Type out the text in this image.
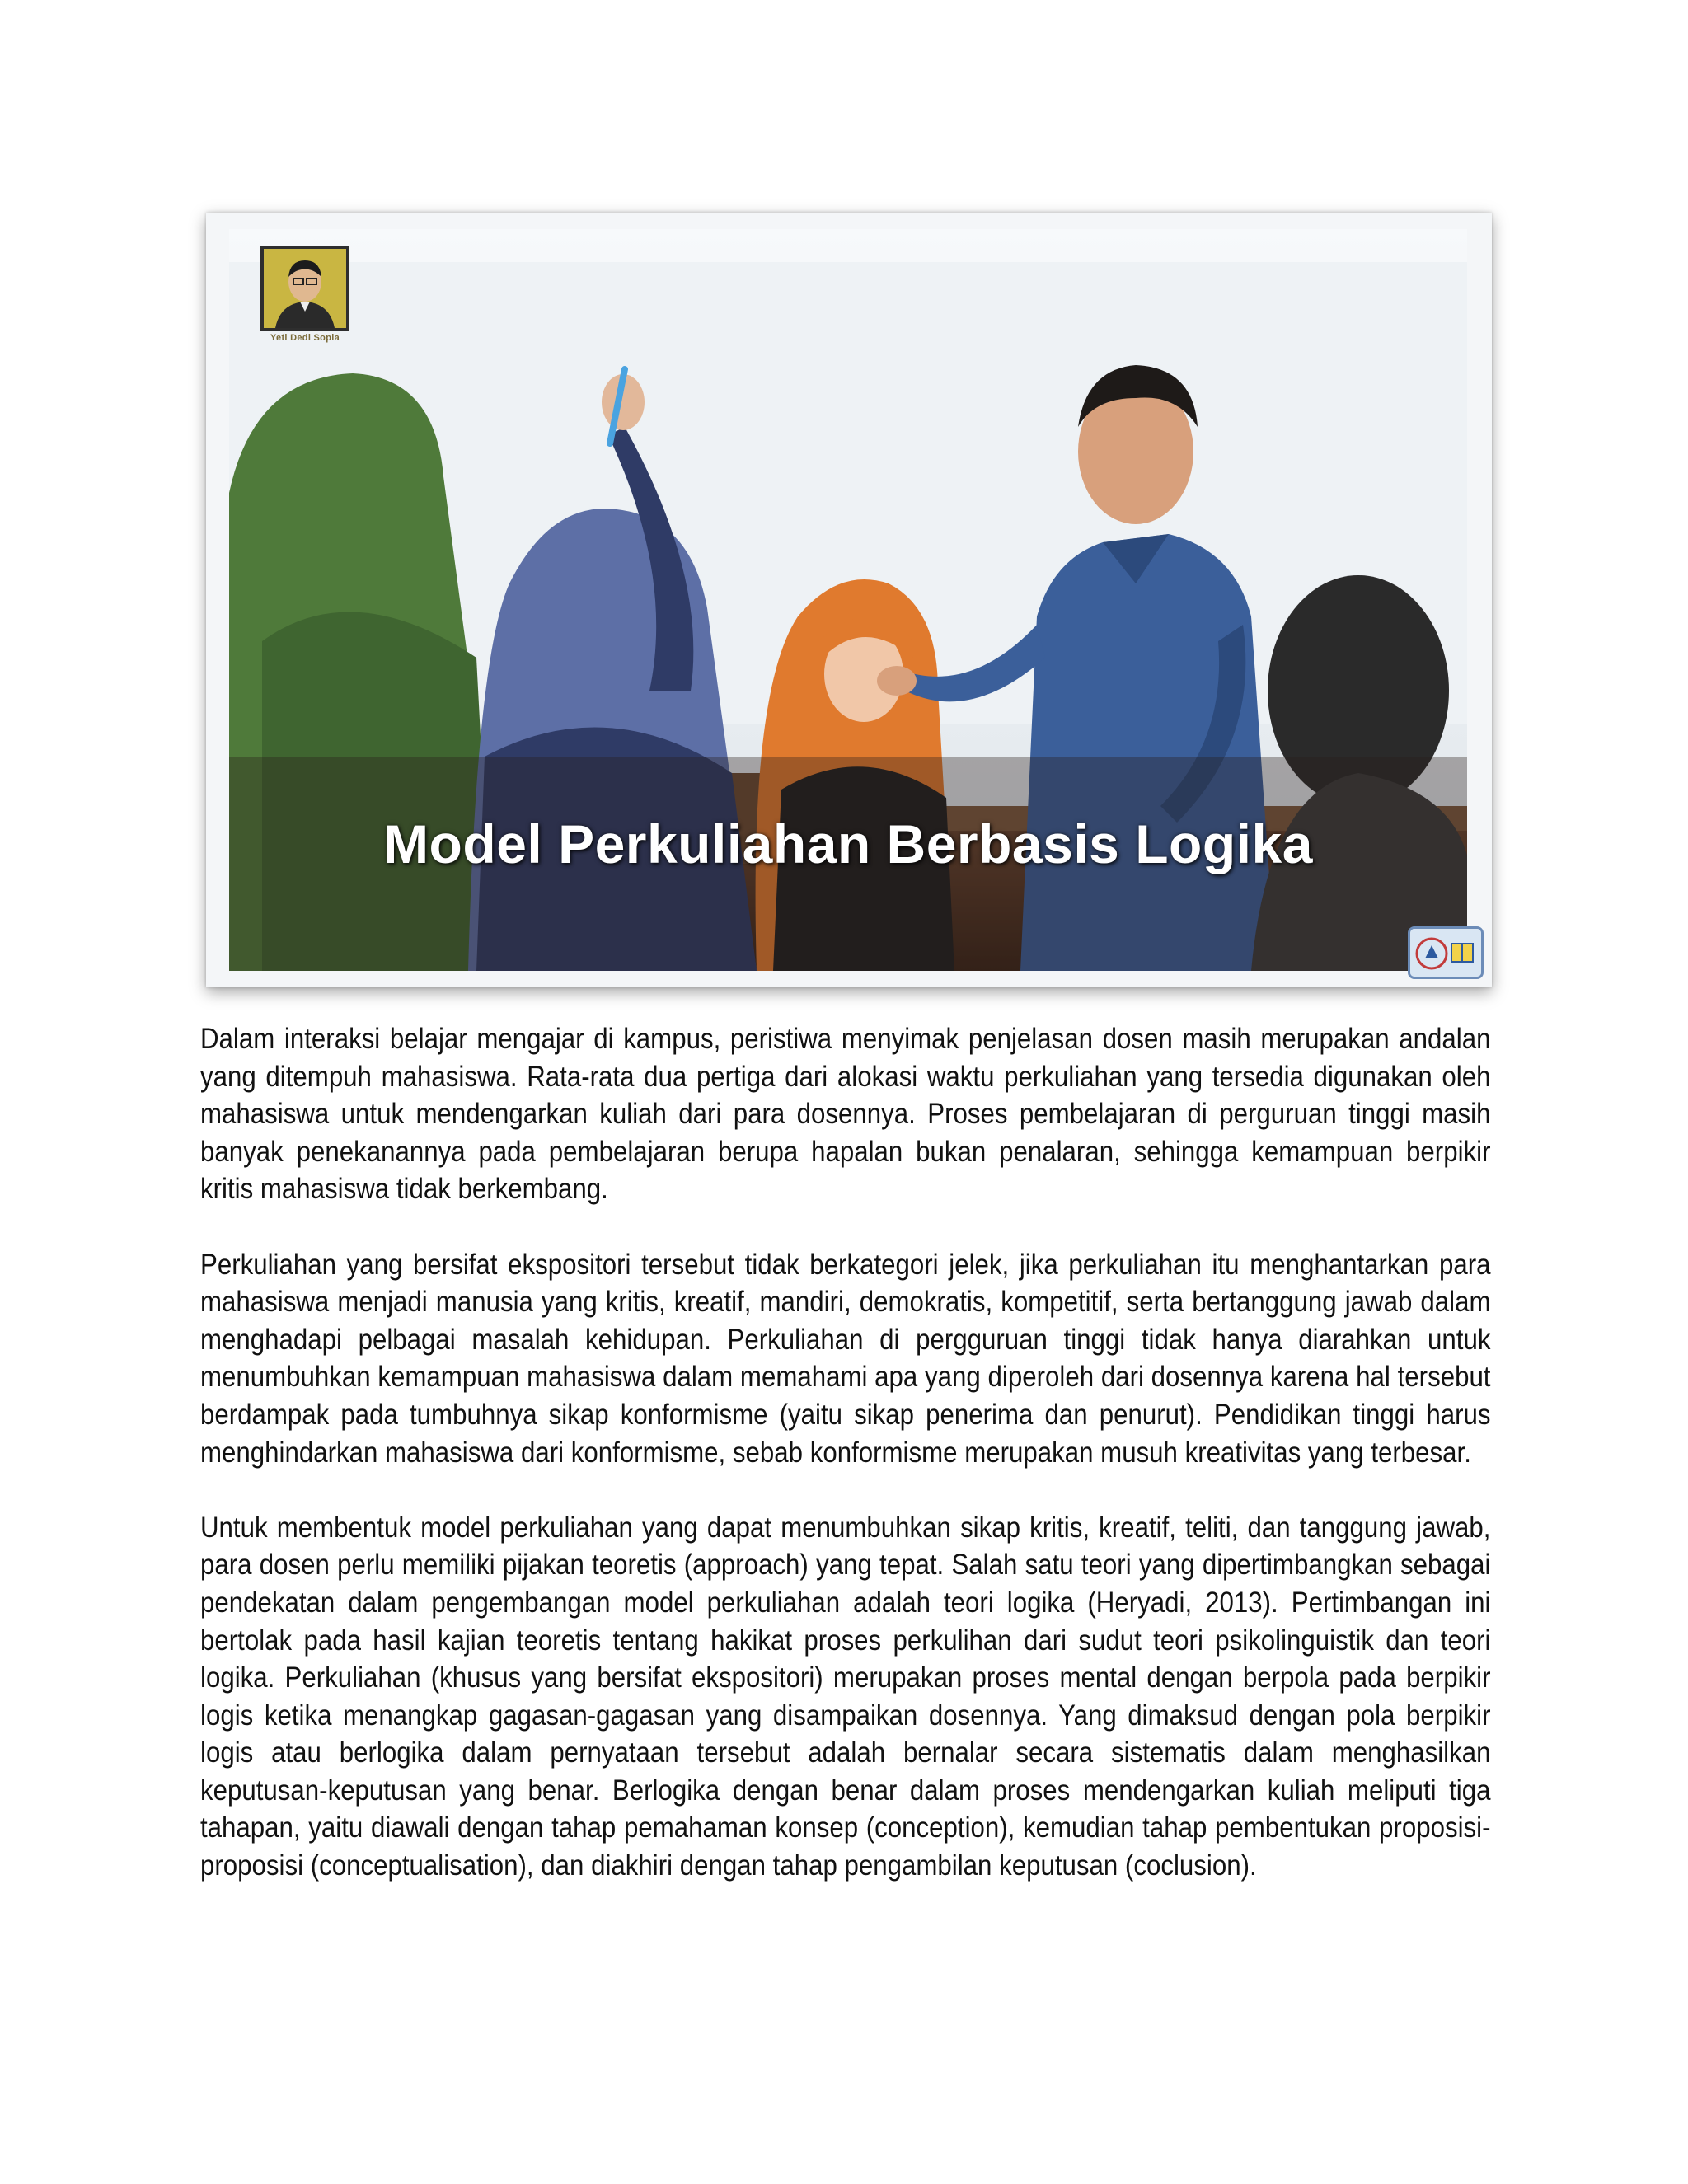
Yeti Dedi Sopia
Model Perkuliahan Berbasis Logika

Dalam interaksi belajar mengajar di kampus, peristiwa menyimak penjelasan dosen masih merupakan andalan yang ditempuh mahasiswa. Rata-rata dua pertiga dari alokasi waktu perkuliahan yang tersedia digunakan oleh mahasiswa untuk mendengarkan kuliah dari para dosennya. Proses pembelajaran di perguruan tinggi masih banyak penekanannya pada pembelajaran berupa hapalan bukan penalaran, sehingga kemampuan berpikir kritis mahasiswa tidak berkembang.

Perkuliahan yang bersifat ekspositori tersebut tidak berkategori jelek, jika perkuliahan itu menghantarkan para mahasiswa menjadi manusia yang kritis, kreatif, mandiri, demokratis, kompetitif, serta bertanggung jawab dalam menghadapi pelbagai masalah kehidupan. Perkuliahan di pergguruan tinggi tidak hanya diarahkan untuk menumbuhkan kemampuan mahasiswa dalam memahami apa yang diperoleh dari dosennya karena hal tersebut berdampak pada tumbuhnya sikap konformisme (yaitu sikap penerima dan penurut). Pendidikan tinggi harus menghindarkan mahasiswa dari konformisme, sebab konformisme merupakan musuh kreativitas yang terbesar.

Untuk membentuk model perkuliahan yang dapat menumbuhkan sikap kritis, kreatif, teliti, dan tanggung jawab, para dosen perlu memiliki pijakan teoretis (approach) yang tepat. Salah satu teori yang dipertimbangkan sebagai pendekatan dalam pengembangan model perkuliahan adalah teori logika (Heryadi, 2013). Pertimbangan ini bertolak pada hasil kajian teoretis tentang hakikat proses perkulihan dari sudut teori psikolinguistik dan teori logika. Perkuliahan (khusus yang bersifat ekspositori) merupakan proses mental dengan berpola pada berpikir logis ketika menangkap gagasan-gagasan yang disampaikan dosennya. Yang dimaksud dengan pola berpikir logis atau berlogika dalam pernyataan tersebut adalah bernalar secara sistematis dalam menghasilkan keputusan-keputusan yang benar. Berlogika dengan benar dalam proses mendengarkan kuliah meliputi tiga tahapan, yaitu diawali dengan tahap pemahaman konsep (conception), kemudian tahap pembentukan proposisi-proposisi (conceptualisation), dan diakhiri dengan tahap pengambilan keputusan (coclusion).
